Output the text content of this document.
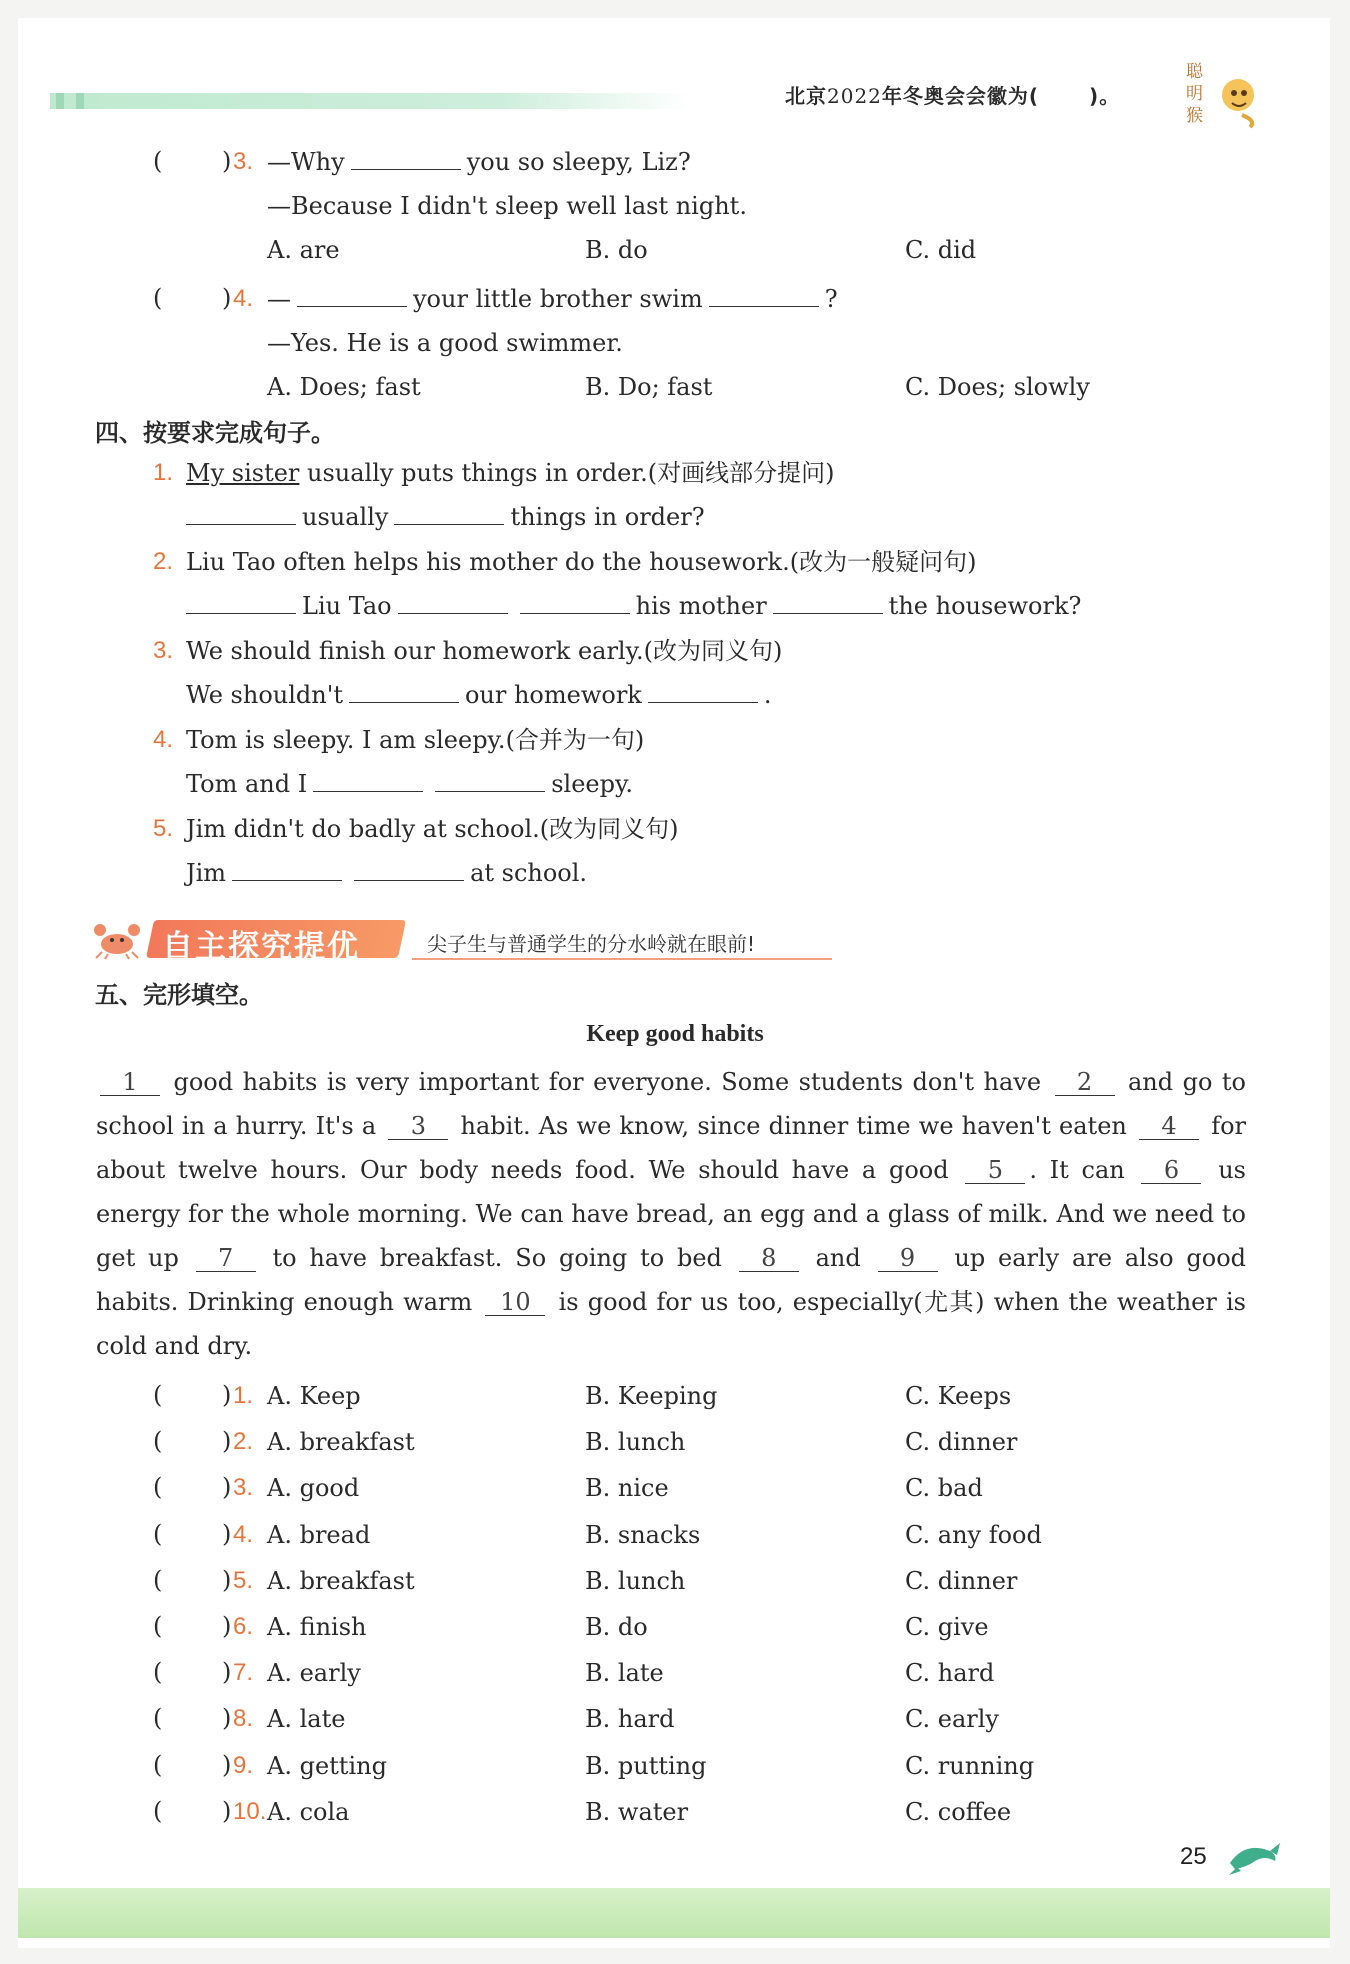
北京2022年冬奥会会徽为(	)。
聪
明
猴
( ) 3. —Why	you so sleepy, Liz?
—Because I didn't sleep well last night.
A. are	B. do	C. did
( ) 4. —	your little brother swim	?
—Yes. He is a good swimmer.
A. Does; fast	B. Do; fast	C. Does; slowly
四、按要求完成句子。
1. My sister usually puts things in order.(对画线部分提问)
usually	things in order?
2. Liu Tao often helps his mother do the housework.(改为一般疑问句)
Liu Tao	his mother	the housework?
3. We should finish our homework early.(改为同义句)
We shouldn't	our homework	.
4. Tom is sleepy. I am sleepy.(合并为一句)
Tom and I	sleepy.
5. Jim didn't do badly at school.(改为同义句)
Jim	at school.
自主探究提优	尖子生与普通学生的分水岭就在眼前!
五、完形填空。
Keep good habits
1 good habits is very important for everyone. Some students don't have 2 and go to school in a hurry. It's a 3 habit. As we know, since dinner time we haven't eaten 4 for about twelve hours. Our body needs food. We should have a good 5 . It can 6 us energy for the whole morning. We can have bread, an egg and a glass of milk. And we need to get up 7 to have breakfast. So going to bed 8 and 9 up early are also good habits. Drinking enough warm 10 is good for us too, especially(尤其) when the weather is cold and dry.
( ) 1. A. Keep	B. Keeping	C. Keeps
( ) 2. A. breakfast	B. lunch	C. dinner
( ) 3. A. good	B. nice	C. bad
( ) 4. A. bread	B. snacks	C. any food
( ) 5. A. breakfast	B. lunch	C. dinner
( ) 6. A. finish	B. do	C. give
( ) 7. A. early	B. late	C. hard
( ) 8. A. late	B. hard	C. early
( ) 9. A. getting	B. putting	C. running
( ) 10. A. cola	B. water	C. coffee
25
